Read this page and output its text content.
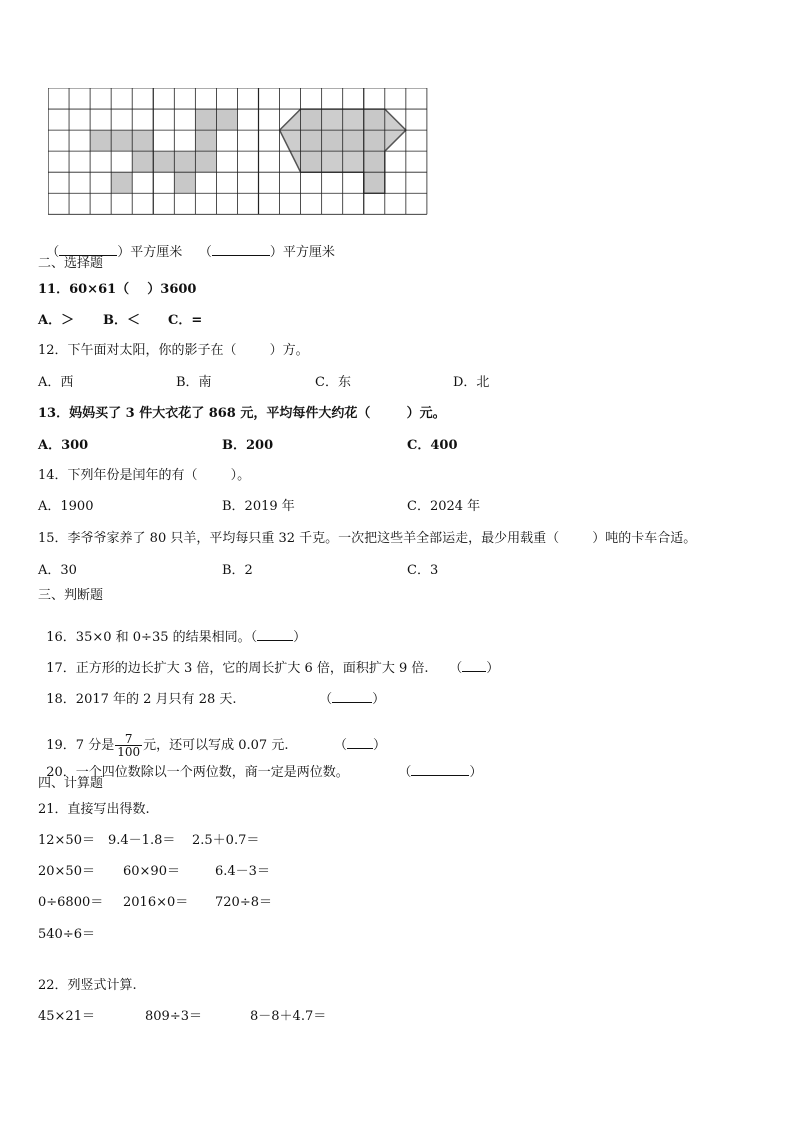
（	）平方厘米 （	）平方厘米

二、选择题
11．60×61（    ）3600
A．＞ B．＜ C．=
12．下午面对太阳，你的影子在（        ）方。
A．西	B．南	C．东	D．北
13．妈妈买了 3 件大衣花了 868 元，平均每件大约花（        ）元。
A．300	B．200	C．400
14．下列年份是闰年的有（        ）。
A．1900	B．2019 年	C．2024 年
15．李爷爷家养了 80 只羊，平均每只重 32 千克。一次把这些羊全部运走，最少用载重（        ）吨的卡车合适。
A．30	B．2	C．3
三、判断题

16．35×0 和 0÷35 的结果相同。（	）

17．正方形的边长扩大 3 倍，它的周长扩大 6 倍，面积扩大 9 倍.     （ ）

18．2017 年的 2 月只有 28 天.                    （	）

19．7 分是 $\frac{7}{100}$ 元，还可以写成 0.07 元.           （ ）

20．一个四位数除以一个两位数，商一定是两位数。            （	）

四、计算题
21．直接写出得数.
12×50＝ 9.4－1.8＝ 2.5＋0.7＝
20×50＝ 60×90＝	6.4－3＝
0÷6800＝ 2016×0＝ 720÷8＝
540÷6＝
22．列竖式计算.
45×21＝	809÷3＝	8－8＋4.7＝
